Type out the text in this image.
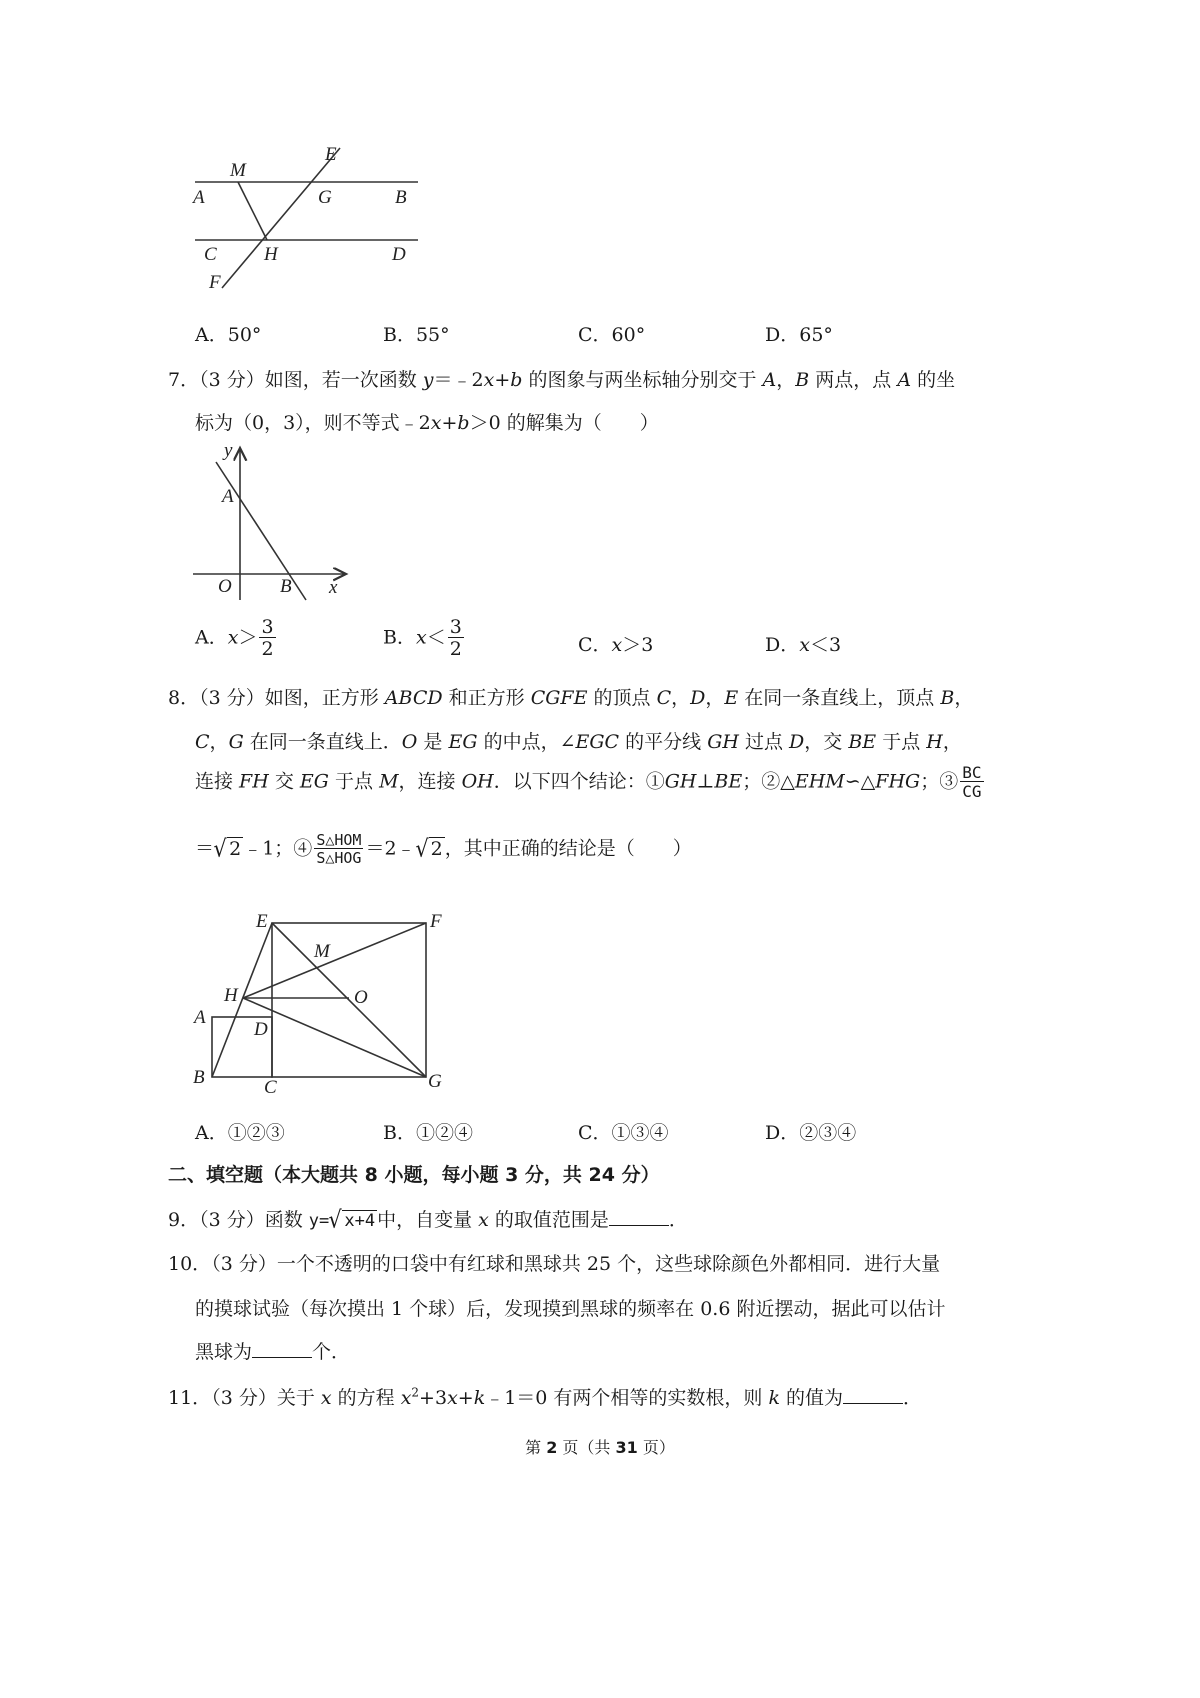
M
E
A	G	B
C H	D
F
A．50°	B．55°	C．60°	D．65°
7．（3 分）如图，若一次函数 y＝﹣2x+b 的图象与两坐标轴分别交于 A，B 两点，点 A 的坐
标为（0，3），则不等式﹣2x+b＞0 的解集为（　　）
y
A
O	B x
A．$x> \frac{3}{2}$	B．$x< \frac{3}{2}$	C．x＞3	D．x＜3
8．（3 分）如图，正方形 ABCD 和正方形 CGFE 的顶点 C，D，E 在同一条直线上，顶点 B，
C，G 在同一条直线上．O 是 EG 的中点，∠EGC 的平分线 GH 过点 D，交 BE 于点 H，
连接 FH 交 EG 于点 M，连接 OH．以下四个结论：①GH⊥BE；②△EHM∽△FHG；③ $\frac{BC}{CG}$
＝√ 2 ﹣1；④ $\frac{\text{S△HOM}}{\text{S△HOG}}$ ＝2﹣√ 2 ，其中正确的结论是（　　）
E	F
M
H	O
A
D
B	C	G
A．①②③	B．①②④	C．①③④	D．②③④
二、填空题（本大题共 8 小题，每小题 3 分，共 24 分）
9．（3 分）函数 y=√ x+4 中，自变量 x 的取值范围是	．
10．（3 分）一个不透明的口袋中有红球和黑球共 25 个，这些球除颜色外都相同．进行大量
的摸球试验（每次摸出 1 个球）后，发现摸到黑球的频率在 0.6 附近摆动，据此可以估计
黑球为	个．
11．（3 分）关于 x 的方程 $x^2+3x+k﹣1=0$ 有两个相等的实数根，则 k 的值为	．
第 2 页（共 31 页）
